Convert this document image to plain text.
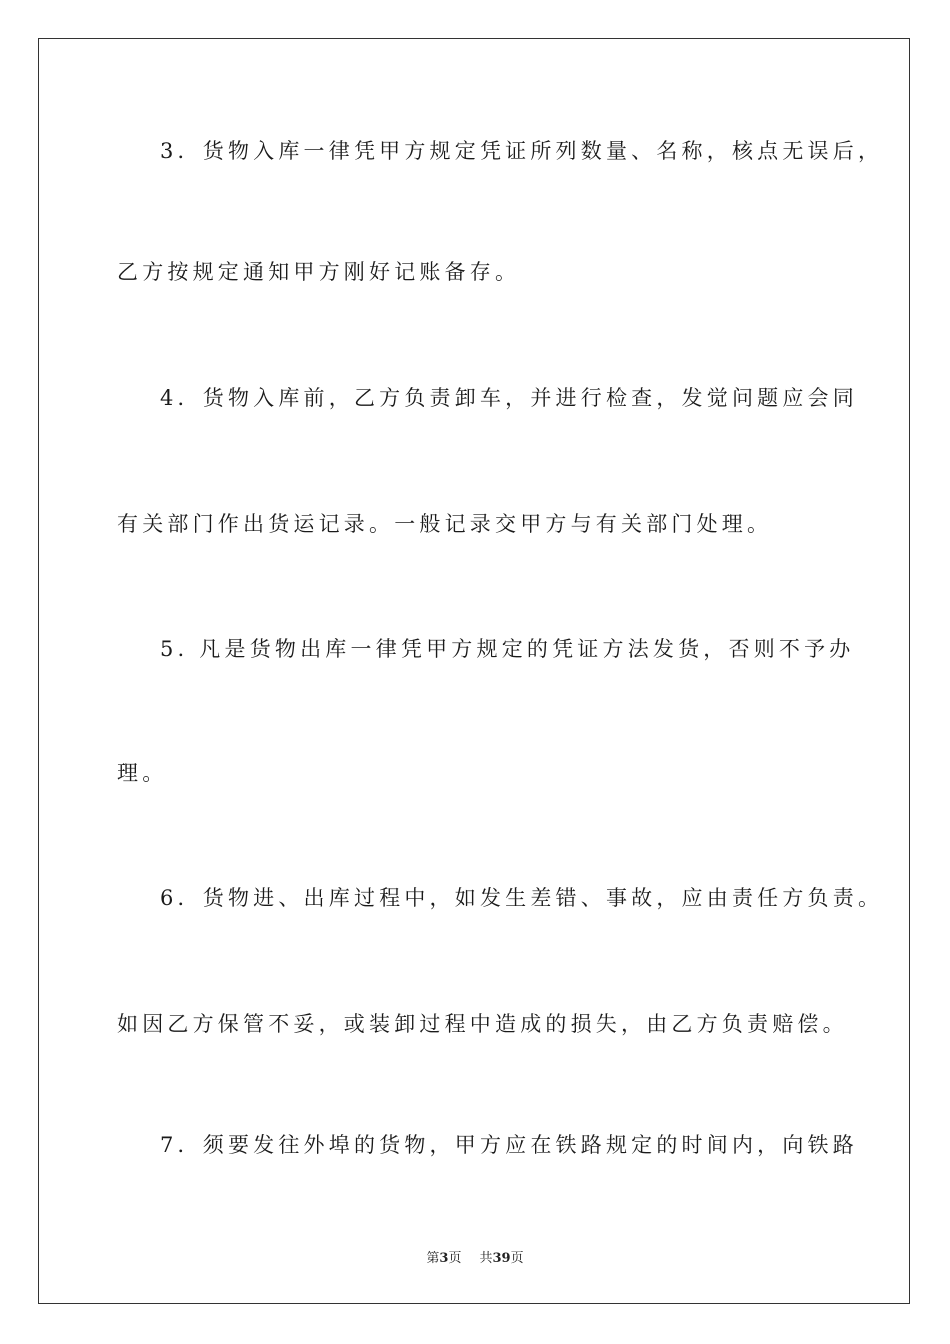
3．货物入库一律凭甲方规定凭证所列数量、名称，核点无误后，
乙方按规定通知甲方刚好记账备存。
4．货物入库前，乙方负责卸车，并进行检查，发觉问题应会同
有关部门作出货运记录。一般记录交甲方与有关部门处理。
5. 凡是货物出库一律凭甲方规定的凭证方法发货，否则不予办
理。
6．货物进、出库过程中，如发生差错、事故，应由责任方负责。
如因乙方保管不妥，或装卸过程中造成的损失，由乙方负责赔偿。
7．须要发往外埠的货物，甲方应在铁路规定的时间内，向铁路
第3页 共39页
